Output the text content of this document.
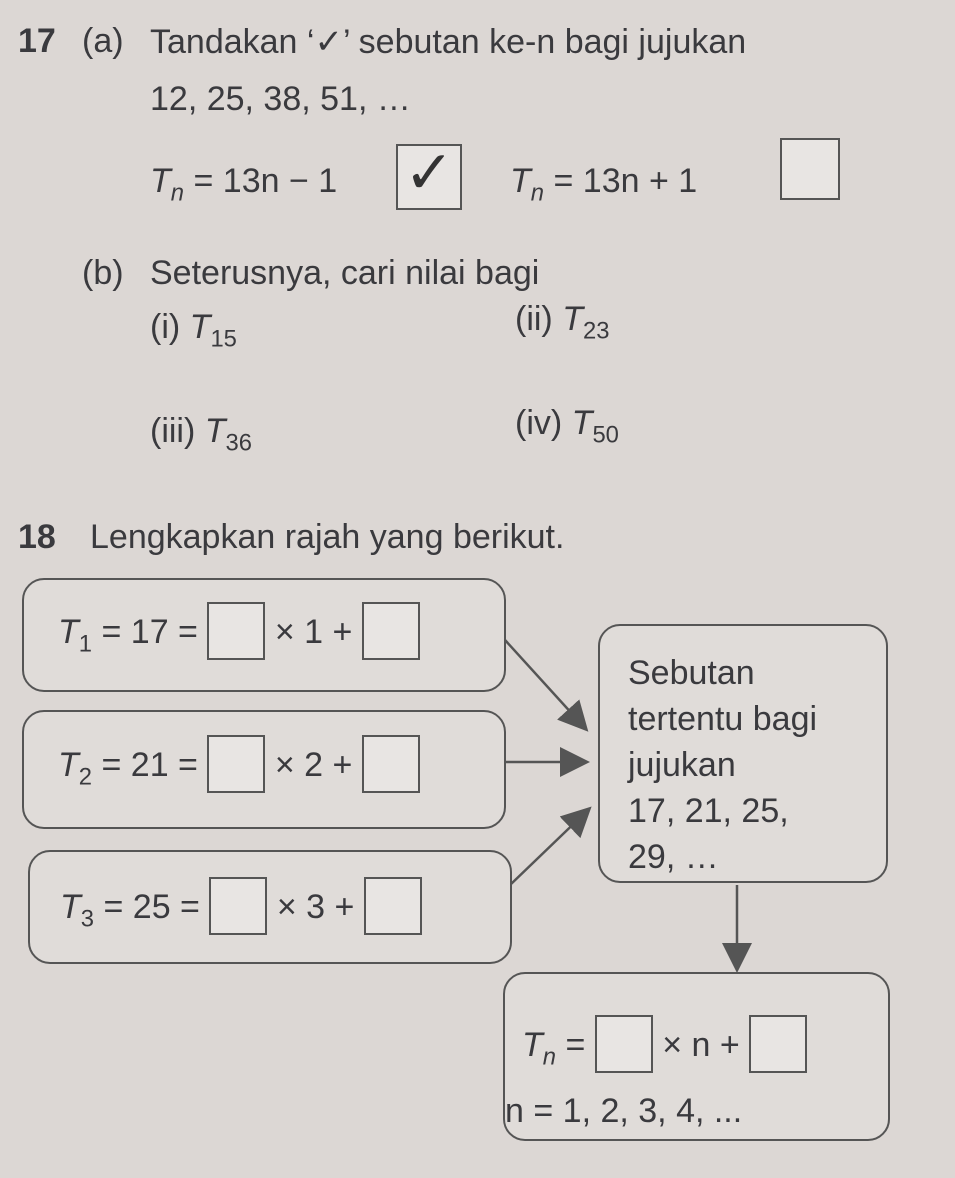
17 (a) Tandakan ‘✓’ sebutan ke-n bagi jujukan
12, 25, 38, 51, …
$T_n = 13n - 1$ ✓ $T_n = 13n + 1$
(b) Seterusnya, cari nilai bagi
(i) $T_{15}$
(ii) $T_{23}$
(iii) $T_{36}$
(iv) $T_{50}$
18 Lengkapkan rajah yang berikut.
$T_1 = 17$ = × 1 +
$T_2 = 21$ = × 2 +
$T_3 = 25$ = × 3 +
Sebutan
tertentu bagi
jujukan
17, 21, 25,
29, …
$T_n$ = × n +
n = 1, 2, 3, 4, ...
